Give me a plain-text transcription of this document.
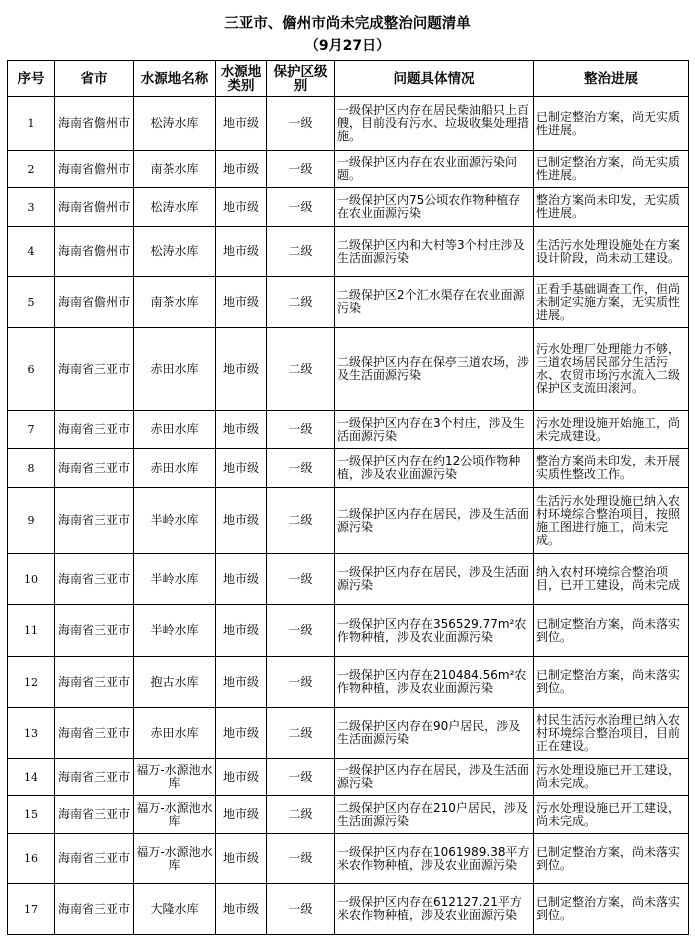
三亚市、儋州市尚未完成整治问题清单
（9月27日）
序号	省市	水源地名称	水源地类别	保护区级别	问题具体情况	整治进展
1	海南省儋州市	松涛水库	地市级	一级	一级保护区内存在居民柴油船只上百艘，目前没有污水、垃圾收集处理措施。	已制定整治方案，尚无实质性进展。
2	海南省儋州市	南茶水库	地市级	一级	一级保护区内存在农业面源污染问题。	已制定整治方案，尚无实质性进展。
3	海南省儋州市	松涛水库	地市级	一级	一级保护区内75公顷农作物种植存在农业面源污染	整治方案尚未印发，无实质性进展。
4	海南省儋州市	松涛水库	地市级	二级	二级保护区内和大村等3个村庄涉及生活面源污染	生活污水处理设施处在方案设计阶段，尚未动工建设。
5	海南省儋州市	南茶水库	地市级	二级	二级保护区2个汇水渠存在农业面源污染	正看手基础调查工作，但尚未制定实施方案，无实质性进展。
6	海南省三亚市	赤田水库	地市级	二级	二级保护区内存在保亭三道农场，涉及生活面源污染	污水处理厂处理能力不够，三道农场居民部分生活污水、农贸市场污水流入二级保护区支流田滚河。
7	海南省三亚市	赤田水库	地市级	一级	一级保护区内存在3个村庄，涉及生活面源污染	污水处理设施开始施工，尚未完成建设。
8	海南省三亚市	赤田水库	地市级	一级	一级保护区内存在约12公顷作物种植，涉及农业面源污染	整治方案尚未印发，未开展实质性整改工作。
9	海南省三亚市	半岭水库	地市级	二级	二级保护区内存在居民，涉及生活面源污染	生活污水处理设施已纳入农村环境综合整治项目，按照施工图进行施工，尚未完成。
10	海南省三亚市	半岭水库	地市级	一级	一级保护区内存在居民，涉及生活面源污染	纳入农村环境综合整治项目，已开工建设，尚未完成
11	海南省三亚市	半岭水库	地市级	一级	一级保护区内存在356529.77m²农作物种植，涉及农业面源污染	已制定整治方案，尚未落实到位。
12	海南省三亚市	抱古水库	地市级	一级	一级保护区内存在210484.56m²农作物种植，涉及农业面源污染	已制定整治方案，尚未落实到位。
13	海南省三亚市	赤田水库	地市级	二级	二级保护区内存在90户居民，涉及生活面源污染	村民生活污水治理已纳入农村环境综合整治项目，目前正在建设。
14	海南省三亚市	福万-水源池水库	地市级	一级	一级保护区内存在居民，涉及生活面源污染	污水处理设施已开工建设，尚未完成。
15	海南省三亚市	福万-水源池水库	地市级	二级	二级保护区内存在210户居民，涉及生活面源污染	污水处理设施已开工建设，尚未完成。
16	海南省三亚市	福万-水源池水库	地市级	一级	一级保护区内存在1061989.38平方米农作物种植，涉及农业面源污染	已制定整治方案，尚未落实到位。
17	海南省三亚市	大隆水库	地市级	一级	一级保护区内存在612127.21平方米农作物种植，涉及农业面源污染	已制定整治方案，尚未落实到位。
